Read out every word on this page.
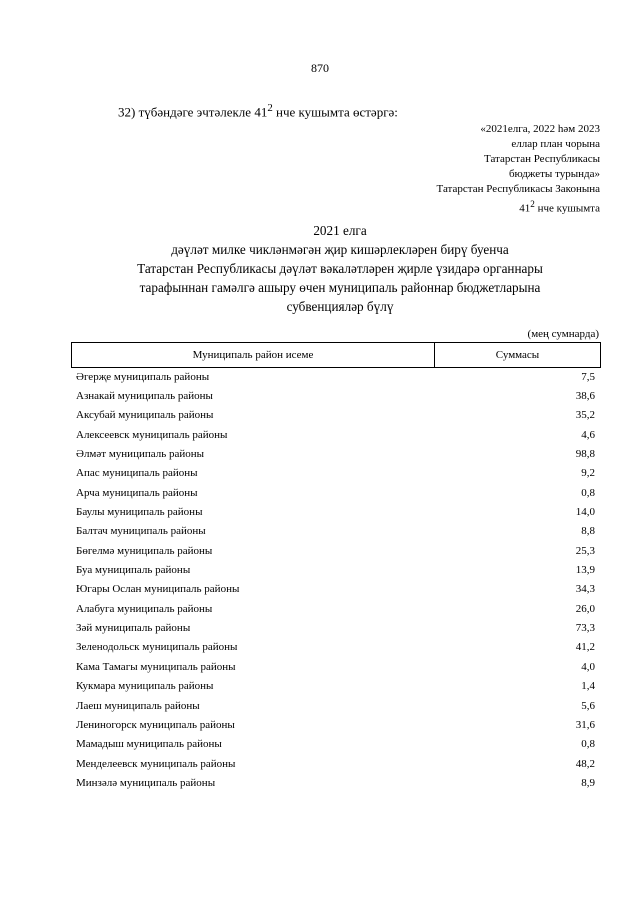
870
32) түбәндәге эчтәлекле $41^2$ нче кушымта өстәргә:
«2021елга, 2022 һәм 2023
еллар план чорына
Татарстан Республикасы
бюджеты турында»
Татарстан Республикасы Законына
$41^2$ нче кушымта
2021 елга
дәүләт милке чикләнмәгән җир кишәрлекләрен бирү буенча
Татарстан Республикасы дәүләт вәкаләтләрен җирле үзидарә органнары
тарафыннан гамәлгә ашыру өчен муниципаль районнар бюджетларына
субвенцияләр бүлү
(мең сумнарда)
Муниципаль район исеме	Суммасы
Әгерҗе муниципаль районы	7,5
Азнакай муниципаль районы	38,6
Аксубай муниципаль районы	35,2
Алексеевск муниципаль районы	4,6
Әлмәт муниципаль районы	98,8
Апас муниципаль районы	9,2
Арча муниципаль районы	0,8
Баулы муниципаль районы	14,0
Балтач муниципаль районы	8,8
Бөгелмә муниципаль районы	25,3
Буа муниципаль районы	13,9
Югары Ослан муниципаль районы	34,3
Алабуга муниципаль районы	26,0
Зәй муниципаль районы	73,3
Зеленодольск муниципаль районы	41,2
Кама Тамагы муниципаль районы	4,0
Кукмара муниципаль районы	1,4
Лаеш муниципаль районы	5,6
Лениногорск муниципаль районы	31,6
Мамадыш муниципаль районы	0,8
Менделеевск муниципаль районы	48,2
Минзәлә муниципаль районы	8,9
